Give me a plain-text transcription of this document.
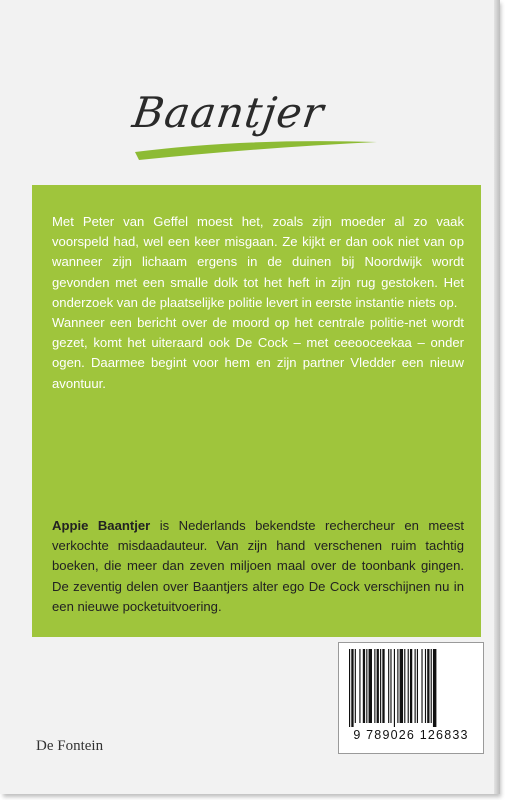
Baantjer

Met Peter van Geffel moest het, zoals zijn moeder al zo vaak voorspeld had, wel een keer misgaan. Ze kijkt er dan ook niet van op wanneer zijn lichaam ergens in de duinen bij Noordwijk wordt gevonden met een smalle dolk tot het heft in zijn rug gestoken. Het onderzoek van de plaatselijke politie levert in eerste instantie niets op.

Wanneer een bericht over de moord op het centrale politie-net wordt gezet, komt het uiteraard ook De Cock – met ceeooceekaa – onder ogen. Daarmee begint voor hem en zijn partner Vledder een nieuw avontuur.

Appie Baantjer is Nederlands bekendste rechercheur en meest verkochte misdaadauteur. Van zijn hand verschenen ruim tachtig boeken, die meer dan zeven miljoen maal over de toonbank gingen. De zeventig delen over Baantjers alter ego De Cock verschijnen nu in een nieuwe pocketuitvoering.

De Fontein
9 789026 126833
